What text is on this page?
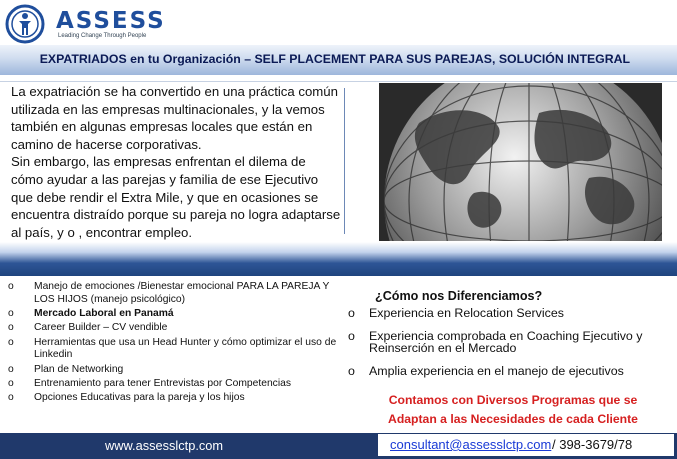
ASSESS
Leading Change Through People
EXPATRIADOS en tu Organización – SELF PLACEMENT PARA SUS PAREJAS, SOLUCIÓN INTEGRAL

La expatriación se ha convertido en una práctica común utilizada en las empresas multinacionales, y la vemos también en algunas empresas locales que están en camino de hacerse corporativas.

Sin embargo, las empresas enfrentan el dilema de cómo ayudar a las parejas y familia de ese Ejecutivo que debe rendir el Extra Mile, y que en ocasiones se encuentra distraído porque su pareja no logra adaptarse al país, y o , encontrar empleo.

o Manejo de emociones /Bienestar emocional PARA LA PAREJA Y LOS HIJOS (manejo psicológico)
o Mercado Laboral en Panamá
o Career Builder – CV vendible
o Herramientas que usa un Head Hunter y cómo optimizar el uso de Linkedin
o Plan de Networking
o Entrenamiento para tener Entrevistas por Competencias
o Opciones Educativas para la pareja y los hijos
¿Cómo nos Diferenciamos?
o Experiencia en Relocation Services
o Experiencia comprobada en Coaching Ejecutivo y Reinserción en el Mercado
o Amplia experiencia en el manejo de ejecutivos
Contamos con Diversos Programas que se
Adaptan a las Necesidades de cada Cliente
www.assesslctp.com	consultant@assesslctp.com / 398-3679/78
